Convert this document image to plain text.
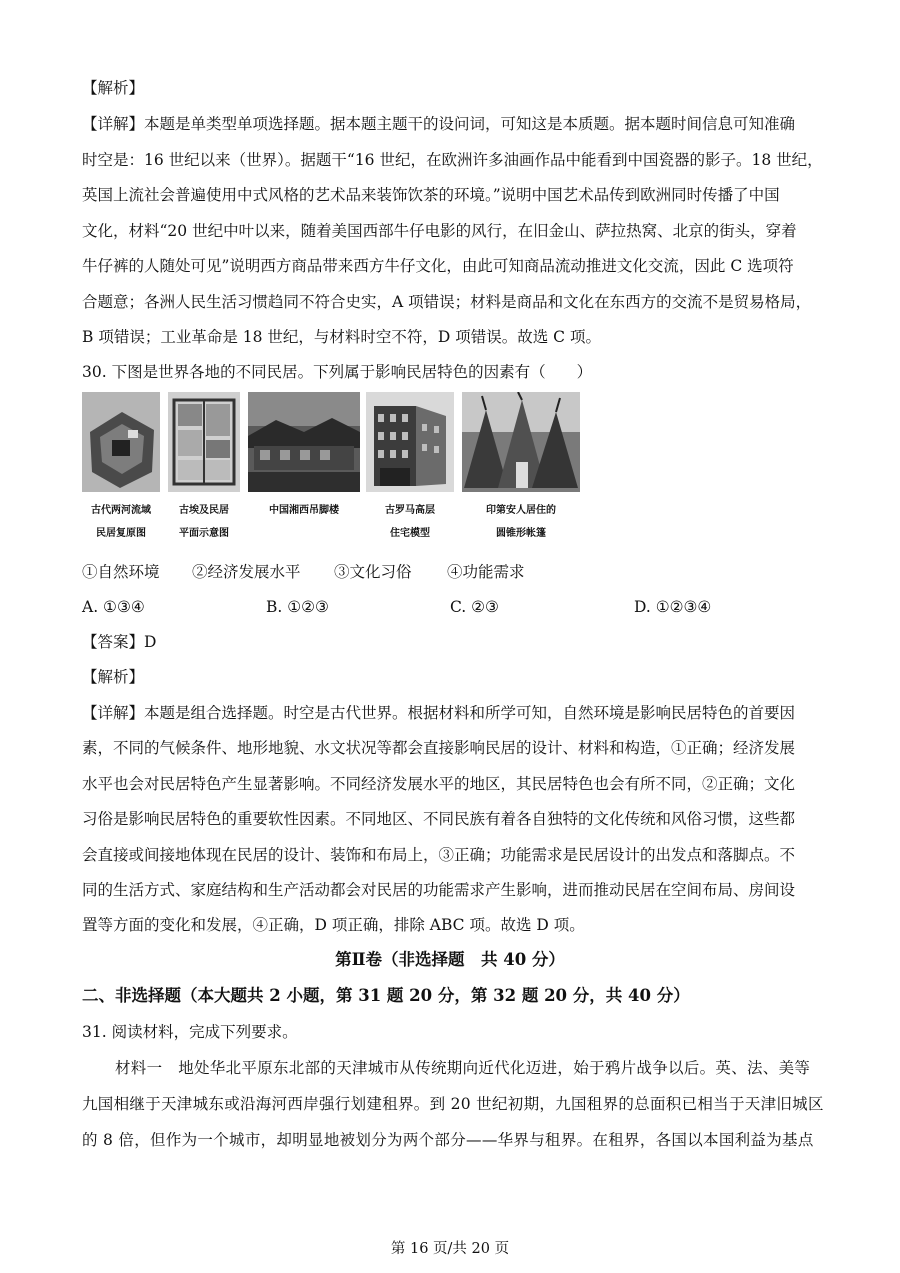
【解析】
【详解】本题是单类型单项选择题。据本题主题干的设问词，可知这是本质题。据本题时间信息可知准确
时空是：16 世纪以来（世界）。据题干“16 世纪，在欧洲许多油画作品中能看到中国瓷器的影子。18 世纪，
英国上流社会普遍使用中式风格的艺术品来装饰饮茶的环境。”说明中国艺术品传到欧洲同时传播了中国
文化，材料“20 世纪中叶以来，随着美国西部牛仔电影的风行，在旧金山、萨拉热窝、北京的街头，穿着
牛仔裤的人随处可见”说明西方商品带来西方牛仔文化，由此可知商品流动推进文化交流，因此 C 选项符
合题意；各洲人民生活习惯趋同不符合史实，A 项错误；材料是商品和文化在东西方的交流不是贸易格局，
B 项错误；工业革命是 18 世纪，与材料时空不符，D 项错误。故选 C 项。
30. 下图是世界各地的不同民居。下列属于影响民居特色的因素有（　　）
古代两河流域
民居复原图
古埃及民居
平面示意图
中国湘西吊脚楼	古罗马高层
住宅模型
印第安人居住的
圆锥形帐篷
①自然环境 ②经济发展水平 ③文化习俗 ④功能需求
A. ①③④	B. ①②③	C. ②③	D. ①②③④
【答案】D
【解析】
【详解】本题是组合选择题。时空是古代世界。根据材料和所学可知，自然环境是影响民居特色的首要因
素，不同的气候条件、地形地貌、水文状况等都会直接影响民居的设计、材料和构造，①正确；经济发展
水平也会对民居特色产生显著影响。不同经济发展水平的地区，其民居特色也会有所不同，②正确；文化
习俗是影响民居特色的重要软性因素。不同地区、不同民族有着各自独特的文化传统和风俗习惯，这些都
会直接或间接地体现在民居的设计、装饰和布局上，③正确；功能需求是民居设计的出发点和落脚点。不
同的生活方式、家庭结构和生产活动都会对民居的功能需求产生影响，进而推动民居在空间布局、房间设
置等方面的变化和发展，④正确，D 项正确，排除 ABC 项。故选 D 项。
第Ⅱ卷（非选择题　共 40 分）
二、非选择题（本大题共 2 小题，第 31 题 20 分，第 32 题 20 分，共 40 分）
31. 阅读材料，完成下列要求。
材料一　地处华北平原东北部的天津城市从传统期向近代化迈进，始于鸦片战争以后。英、法、美等
九国相继于天津城东或沿海河西岸强行划建租界。到 20 世纪初期，九国租界的总面积已相当于天津旧城区
的 8 倍，但作为一个城市，却明显地被划分为两个部分——华界与租界。在租界，各国以本国利益为基点
第 16 页/共 20 页
